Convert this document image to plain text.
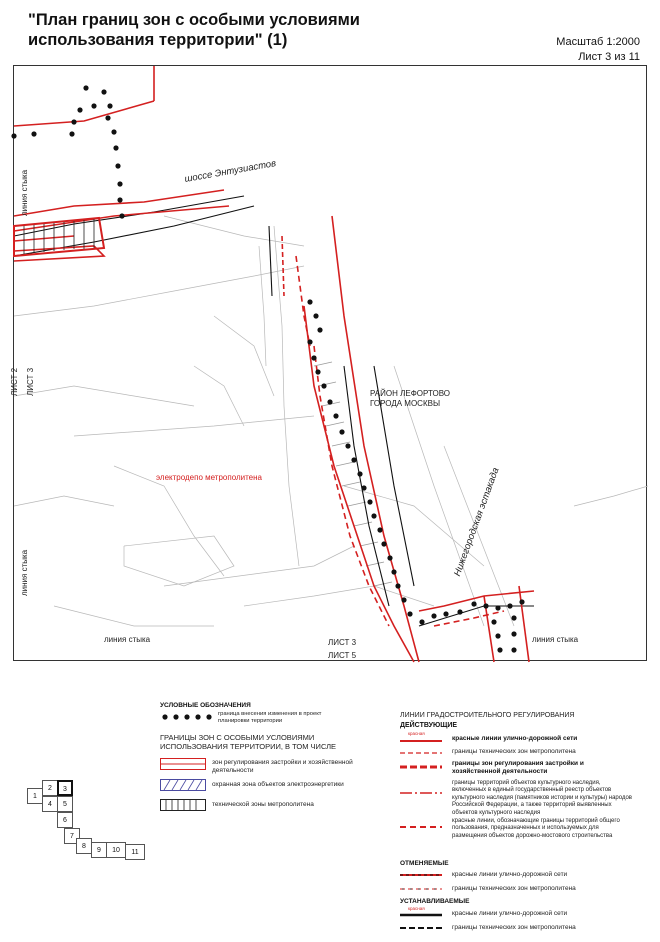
"План границ зон с особыми условиями
использования территории" (1)	Масштаб 1:2000
Лист 3 из 11
шоссе Энтузиастов
РАЙОН ЛЕФОРТОВО
ГОРОДА МОСКВЫ
Нижегородская эстакада
электродепо метрополитена
ЛИСТ 2 ЛИСТ 3
линия стыка
линия стыка
линия стыка	линия стыка
ЛИСТ 3
ЛИСТ 5
УСЛОВНЫЕ ОБОЗНАЧЕНИЯ
граница внесения изменения в проект планировки территории
ГРАНИЦЫ ЗОН С ОСОБЫМИ УСЛОВИЯМИ ИСПОЛЬЗОВАНИЯ ТЕРРИТОРИИ, В ТОМ ЧИСЛЕ
зон регулирования застройки и хозяйственной деятельности
охранная зона объектов электроэнергетики
технической зоны метрополитена
1
2	3
4	5
6
7
8
9	10	11
ЛИНИИ ГРАДОСТРОИТЕЛЬНОГО РЕГУЛИРОВАНИЯ
ДЕЙСТВУЮЩИЕ
красная
красные линии улично-дорожной сети
границы технических зон метрополитена
границы зон регулирования застройки и хозяйственной деятельности
границы территорий объектов культурного наследия, включенных в единый государственный реестр объектов культурного наследия (памятников истории и культуры) народов Российской Федерации, а также территорий выявленных объектов культурного наследия
красные линии, обозначающие границы территорий общего пользования, предназначенных и используемых для размещения объектов дорожно-мостового строительства
ОТМЕНЯЕМЫЕ
красные линии улично-дорожной сети
границы технических зон метрополитена
УСТАНАВЛИВАЕМЫЕ
красная
красные линии улично-дорожной сети
границы технических зон метрополитена
